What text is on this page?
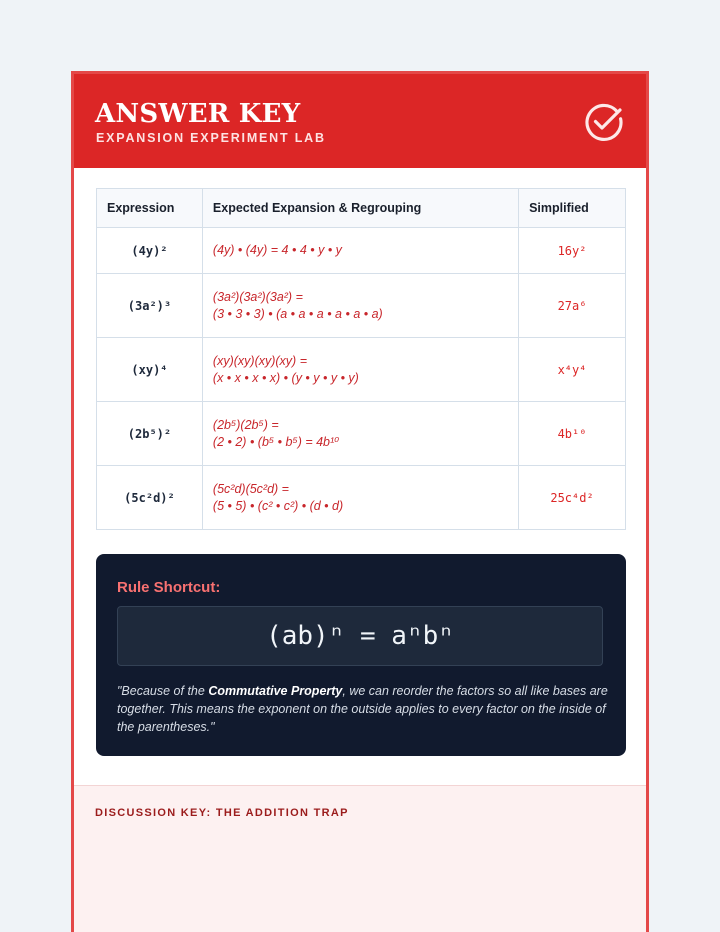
ANSWER KEY
EXPANSION EXPERIMENT LAB
Expression	Expected Expansion & Regrouping	Simplified
(4y)²	(4y) • (4y) = 4 • 4 • y • y	16y²
(3a²)³	(3a²)(3a²)(3a²) =
(3 • 3 • 3) • (a • a • a • a • a • a)	27a⁶
(xy)⁴	(xy)(xy)(xy)(xy) =
(x • x • x • x) • (y • y • y • y)	x⁴y⁴
(2b⁵)²	(2b⁵)(2b⁵) =
(2 • 2) • (b⁵ • b⁵) = 4b¹⁰	4b¹⁰
(5c²d)²	(5c²d)(5c²d) =
(5 • 5) • (c² • c²) • (d • d)	25c⁴d²
Rule Shortcut:
(ab)ⁿ = aⁿbⁿ
"Because of the Commutative Property, we can reorder the factors so all like bases are together. This means the exponent on the outside applies to every factor on the inside of the parentheses."
DISCUSSION KEY: THE ADDITION TRAP
